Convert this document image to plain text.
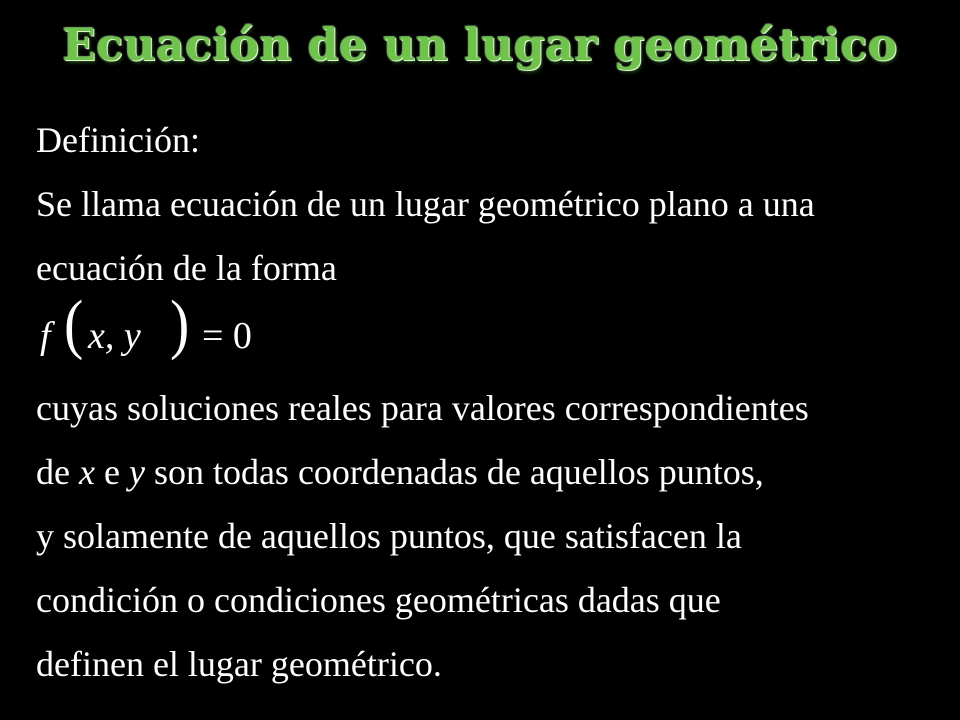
Ecuación de un lugar geométrico
Definición:
Se llama ecuación de un lugar geométrico plano a una
ecuación de la forma
f ( x, y ) = 0
cuyas soluciones reales para valores correspondientes
de x e y son todas coordenadas de aquellos puntos,
y solamente de aquellos puntos, que satisfacen la
condición o condiciones geométricas dadas que
definen el lugar geométrico.
